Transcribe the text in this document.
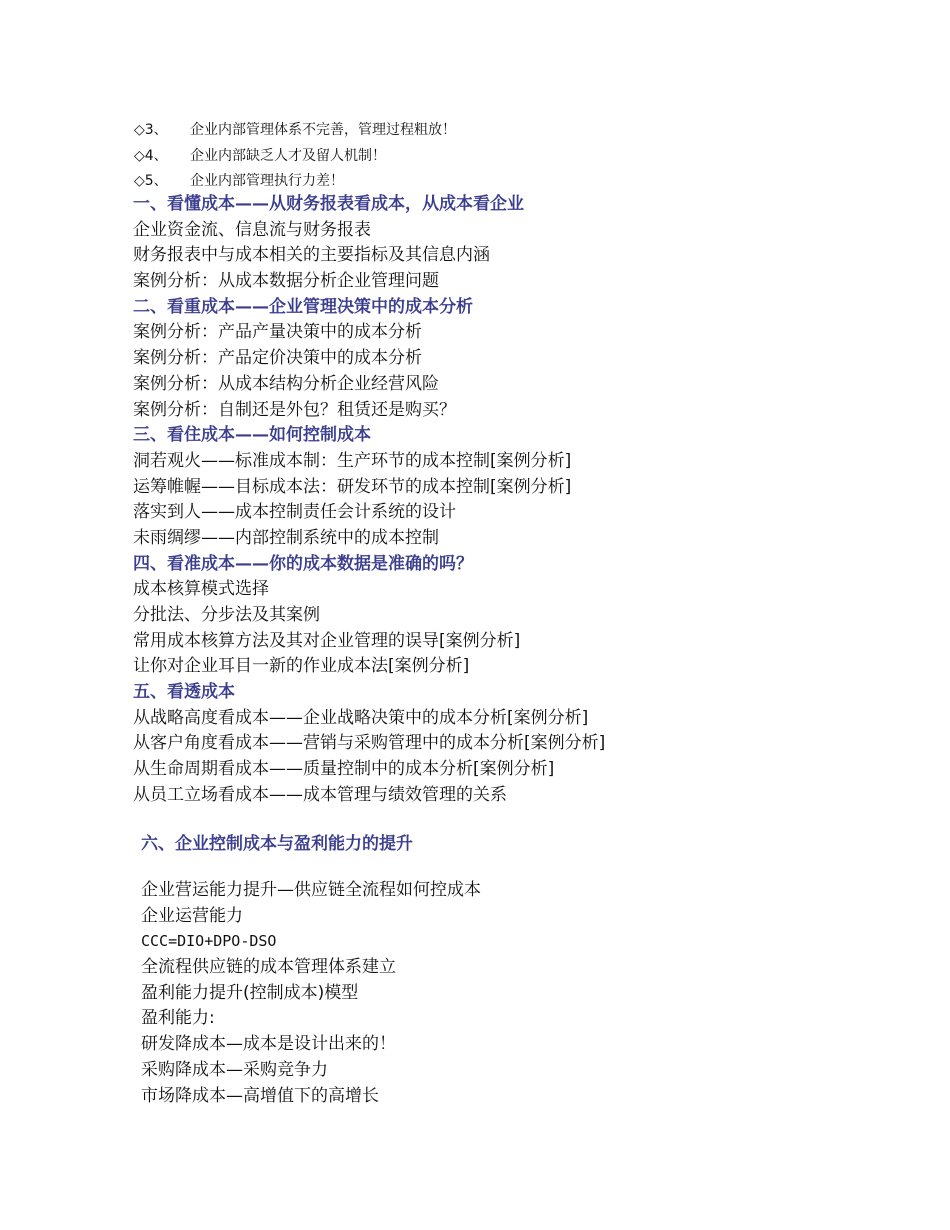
◇3、 企业内部管理体系不完善，管理过程粗放！
◇4、 企业内部缺乏人才及留人机制！
◇5、 企业内部管理执行力差！
一、看懂成本——从财务报表看成本，从成本看企业
企业资金流、信息流与财务报表
财务报表中与成本相关的主要指标及其信息内涵
案例分析：从成本数据分析企业管理问题
二、看重成本——企业管理决策中的成本分析
案例分析：产品产量决策中的成本分析
案例分析：产品定价决策中的成本分析
案例分析：从成本结构分析企业经营风险
案例分析：自制还是外包？租赁还是购买？
三、看住成本——如何控制成本
洞若观火——标准成本制：生产环节的成本控制[案例分析]
运筹帷幄——目标成本法：研发环节的成本控制[案例分析]
落实到人——成本控制责任会计系统的设计
未雨绸缪——内部控制系统中的成本控制
四、看准成本——你的成本数据是准确的吗？
成本核算模式选择
分批法、分步法及其案例
常用成本核算方法及其对企业管理的误导[案例分析]
让你对企业耳目一新的作业成本法[案例分析]
五、看透成本
从战略高度看成本——企业战略决策中的成本分析[案例分析]
从客户角度看成本——营销与采购管理中的成本分析[案例分析]
从生命周期看成本——质量控制中的成本分析[案例分析]
从员工立场看成本——成本管理与绩效管理的关系
六、企业控制成本与盈利能力的提升
企业营运能力提升—供应链全流程如何控成本
企业运营能力
CCC=DIO+DPO-DSO
全流程供应链的成本管理体系建立
盈利能力提升(控制成本)模型
盈利能力:
研发降成本—成本是设计出来的！
采购降成本—采购竞争力
市场降成本—高增值下的高增长
